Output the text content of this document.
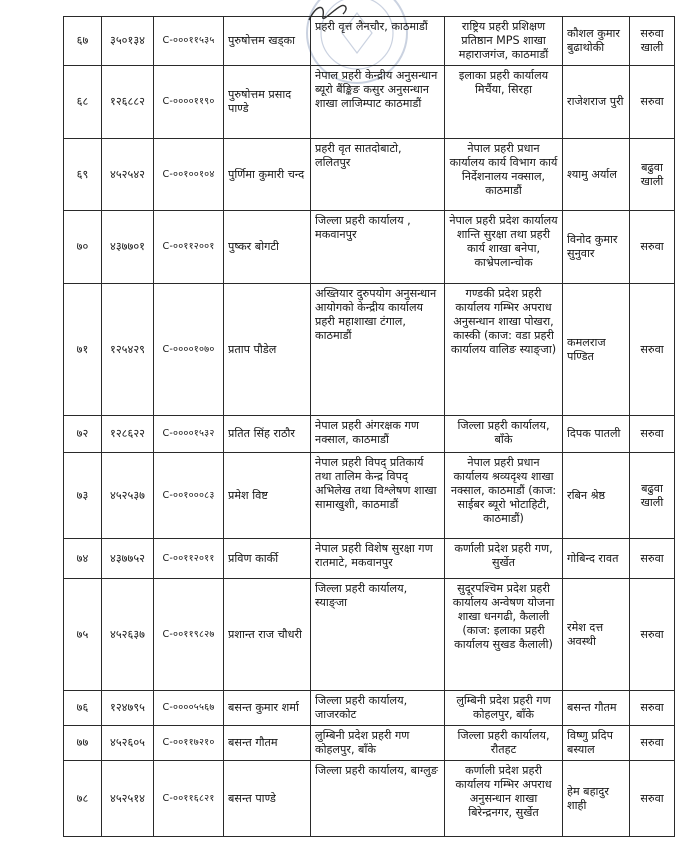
६७	३५०१३४	C-०००११५३५	पुरुषोत्तम खड्का	प्रहरी वृत्त लैनचौर, काठमाडौं	राष्ट्रिय प्रहरी प्रशिक्षण प्रतिष्ठान MPS शाखा महाराजगंज, काठमाडौं	कौशल कुमार बुढाथोकी	सरुवा खाली
६८	१२६८८२	C-००००११९०	पुरुषोत्तम प्रसाद पाण्डे	नेपाल प्रहरी केन्द्रीय अनुसन्धान ब्यूरो बैंङ्किङ कसुर अनुसन्धान शाखा लाजिम्पाट काठमाडौं	इलाका प्रहरी कार्यालय मिर्चैया, सिरहा	राजेशराज पुरी	सरुवा
६९	४५२५४२	C-००१००१०४	पुर्णिमा कुमारी चन्द	प्रहरी वृत सातदोबाटो, ललितपुर	नेपाल प्रहरी प्रधान कार्यालय कार्य विभाग कार्य निर्देशनालय नक्साल, काठमाडौं	श्यामु अर्याल	बढुवा खाली
७०	४३७७०१	C-००११२००१	पुष्कर बोगटी	जिल्ला प्रहरी कार्यालय , मकवानपुर	नेपाल प्रहरी प्रदेश कार्यालय शान्ति सुरक्षा तथा प्रहरी कार्य शाखा बनेपा, काभ्रेपलान्चोक	विनोद कुमार सुनुवार	सरुवा
७१	१२५४२९	C-००००१०७०	प्रताप पौडेल	अख्तियार दुरुपयोग अनुसन्धान आयोगको केन्द्रीय कार्यालय प्रहरी महाशाखा टंगाल, काठमाडौं	गण्डकी प्रदेश प्रहरी कार्यालय गम्भिर अपराध अनुसन्धान शाखा पोखरा, कास्की (काज: वडा प्रहरी कार्यालय वालिङ स्याङ्जा)	कमलराज पण्डित	सरुवा
७२	१२८६२२	C-००००१५३२	प्रतित सिंह राठौर	नेपाल प्रहरी अंगरक्षक गण नक्साल, काठमाडौं	जिल्ला प्रहरी कार्यालय, बाँके	दिपक पातली	सरुवा
७३	४५२५३७	C-००१०००८३	प्रमेश विष्ट	नेपाल प्रहरी विपद् प्रतिकार्य तथा तालिम केन्द्र विपद् अभिलेख तथा विश्लेषण शाखा सामाखुशी, काठमाडौं	नेपाल प्रहरी प्रधान कार्यालय श्रव्यदृश्य शाखा नक्साल, काठमाडौं (काज: साईबर ब्यूरो भोटाहिटी, काठमाडौं)	रबिन श्रेष्ठ	बढुवा खाली
७४	४३७७५२	C-००११२०११	प्रविण कार्की	नेपाल प्रहरी विशेष सुरक्षा गण रातमाटे, मकवानपुर	कर्णाली प्रदेश प्रहरी गण, सुर्खेत	गोबिन्द रावत	सरुवा
७५	४५२६३७	C-००११९८२७	प्रशान्त राज चौधरी	जिल्ला प्रहरी कार्यालय, स्याङ्जा	सुदूरपश्चिम प्रदेश प्रहरी कार्यालय अन्वेषण योजना शाखा धनगढी, कैलाली (काज: इलाका प्रहरी कार्यालय सुखड कैलाली)	रमेश दत्त अवस्थी	सरुवा
७६	१२४७९५	C-००००५५६७	बसन्त कुमार शर्मा	जिल्ला प्रहरी कार्यालय, जाजरकोट	लुम्बिनी प्रदेश प्रहरी गण कोहलपुर, बाँके	बसन्त गौतम	सरुवा
७७	४५२६०५	C-००११७२१०	बसन्त गौतम	लुम्बिनी प्रदेश प्रहरी गण कोहलपुर, बाँके	जिल्ला प्रहरी कार्यालय, रौतहट	विष्णु प्रदिप बस्याल	सरुवा
७८	४५२५१४	C-००११६८२१	बसन्त पाण्डे	जिल्ला प्रहरी कार्यालय, बाग्लुङ	कर्णाली प्रदेश प्रहरी कार्यालय गम्भिर अपराध अनुसन्धान शाखा बिरेन्द्रनगर, सुर्खेत	हेम बहादुर शाही	सरुवा
